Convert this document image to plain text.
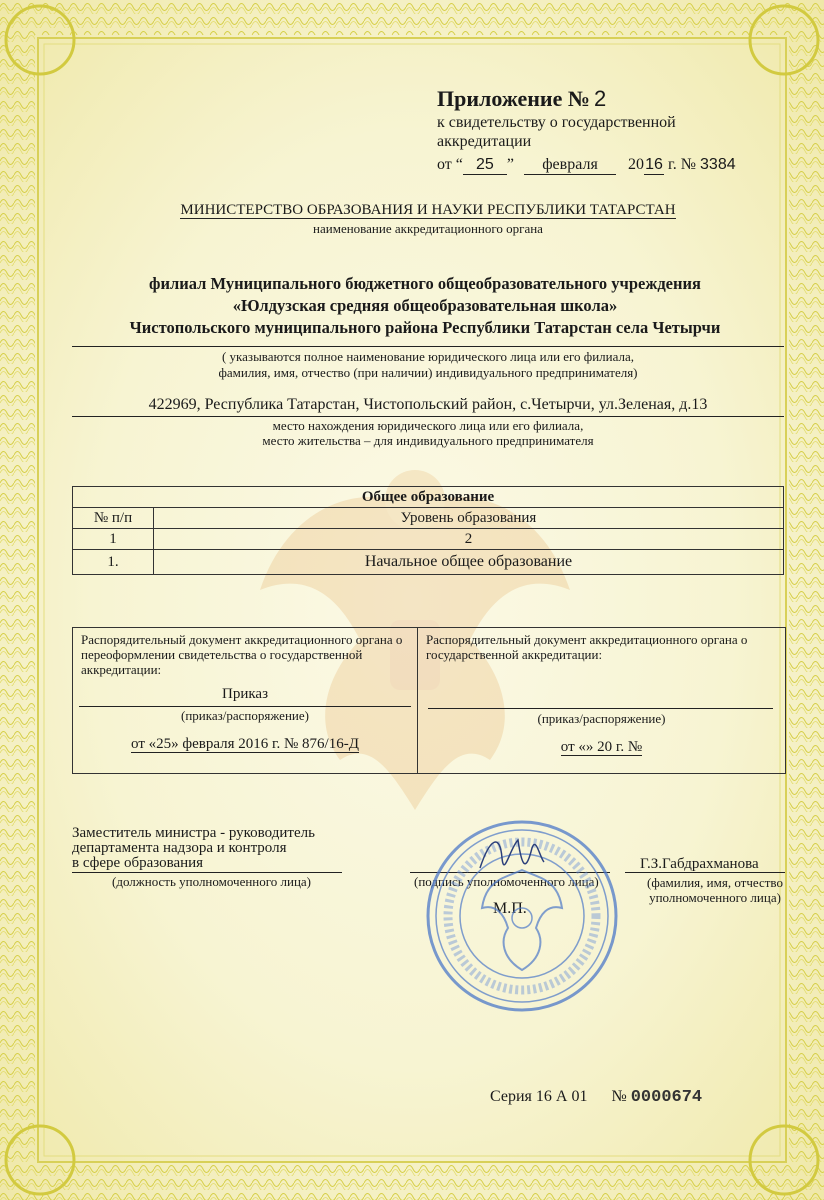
Приложение № 2
к свидетельству о государственной
аккредитации
от “ 25 ” февраля 2016 г. № 3384
МИНИСТЕРСТВО ОБРАЗОВАНИЯ И НАУКИ РЕСПУБЛИКИ ТАТАРСТАН
наименование аккредитационного органа
филиал Муниципального бюджетного общеобразовательного учреждения
«Юлдузская средняя общеобразовательная школа»
Чистопольского муниципального района Республики Татарстан села Четырчи
( указываются полное наименование юридического лица или его филиала,
фамилия, имя, отчество (при наличии) индивидуального предпринимателя)
422969, Республика Татарстан, Чистопольский район, с.Четырчи, ул.Зеленая, д.13
место нахождения юридического лица или его филиала,
место жительства – для индивидуального предпринимателя
Общее образование	
№ п/п	Уровень образования
1	2
1.	Начальное общее образование
Распорядительный документ аккредитационного органа о переоформлении свидетельства о государственной аккредитации:
Приказ
(приказ/распоряжение)
от «25» февраля 2016 г. № 876/16-Д
Распорядительный документ аккредитационного органа о государственной аккредитации:
(приказ/распоряжение)
от «» 20 г. №
Заместитель министра - руководитель
департамента надзора и контроля
в сфере образования
(должность уполномоченного лица)	(подпись уполномоченного лица)
М.П.
Г.З.Габдрахманова
(фамилия, имя, отчество
уполномоченного лица)
Серия 16 А 01 № 0000674
